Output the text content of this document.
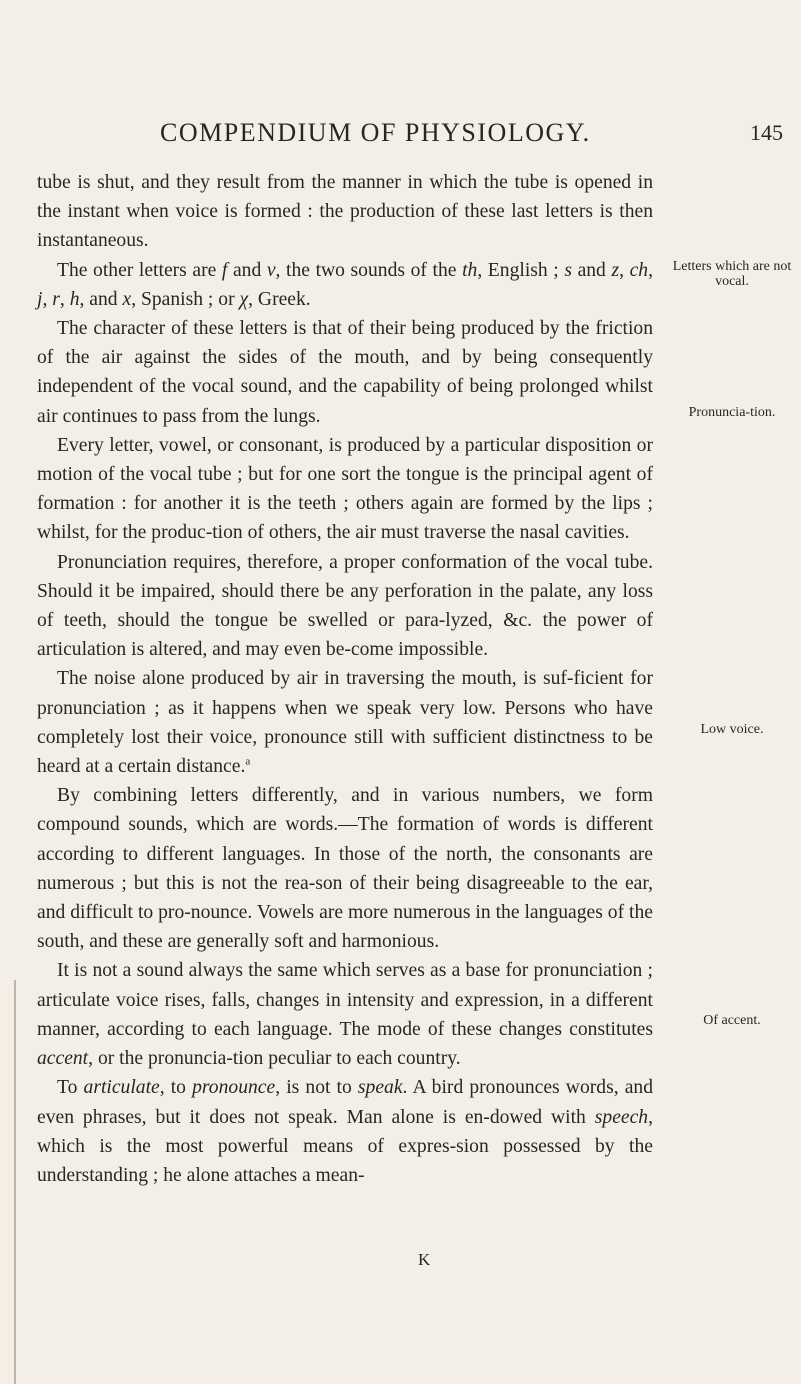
COMPENDIUM OF PHYSIOLOGY.	145

tube is shut, and they result from the manner in which the tube is opened in the instant when voice is formed : the production of these last letters is then instantaneous.

The other letters are f and v, the two sounds of the th, English ; s and z, ch, j, r, h, and x, Spanish ; or χ, Greek.

The character of these letters is that of their being produced by the friction of the air against the sides of the mouth, and by being consequently independent of the vocal sound, and the capability of being prolonged whilst air continues to pass from the lungs.

Every letter, vowel, or consonant, is produced by a particular disposition or motion of the vocal tube ; but for one sort the tongue is the principal agent of formation : for another it is the teeth ; others again are formed by the lips ; whilst, for the produc-tion of others, the air must traverse the nasal cavities.

Pronunciation requires, therefore, a proper conformation of the vocal tube. Should it be impaired, should there be any perforation in the palate, any loss of teeth, should the tongue be swelled or para-lyzed, &c. the power of articulation is altered, and may even be-come impossible.

The noise alone produced by air in traversing the mouth, is suf-ficient for pronunciation ; as it happens when we speak very low. Persons who have completely lost their voice, pronounce still with sufficient distinctness to be heard at a certain distance.$^a$

By combining letters differently, and in various numbers, we form compound sounds, which are words.—The formation of words is different according to different languages. In those of the north, the consonants are numerous ; but this is not the rea-son of their being disagreeable to the ear, and difficult to pro-nounce. Vowels are more numerous in the languages of the south, and these are generally soft and harmonious.

It is not a sound always the same which serves as a base for pronunciation ; articulate voice rises, falls, changes in intensity and expression, in a different manner, according to each language. The mode of these changes constitutes accent, or the pronuncia-tion peculiar to each country.

To articulate, to pronounce, is not to speak. A bird pronounces words, and even phrases, but it does not speak. Man alone is en-dowed with speech, which is the most powerful means of expres-sion possessed by the understanding ; he alone attaches a mean-

Letters which are not vocal.
Pronuncia-tion.
Low voice.
Of accent.
K
